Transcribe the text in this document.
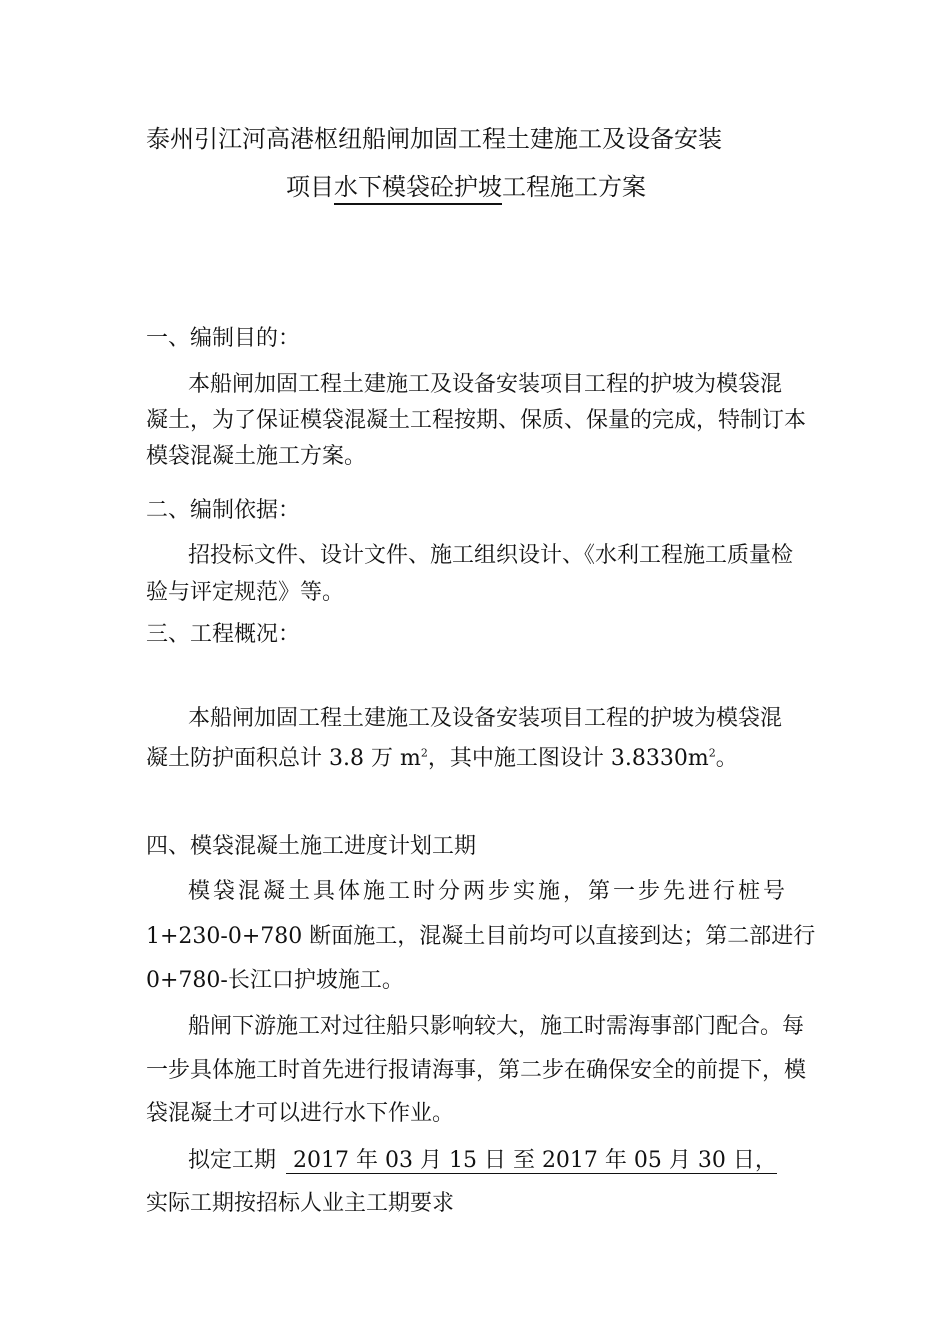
泰州引江河高港枢纽船闸加固工程土建施工及设备安装
项目水下模袋砼护坡工程施工方案
一、编制目的：
本船闸加固工程土建施工及设备安装项目工程的护坡为模袋混
凝土，为了保证模袋混凝土工程按期、保质、保量的完成，特制订本
模袋混凝土施工方案。
二、编制依据：
招投标文件、设计文件、施工组织设计、《水利工程施工质量检
验与评定规范》等。
三、工程概况：
本船闸加固工程土建施工及设备安装项目工程的护坡为模袋混
凝土防护面积总计 3.8 万 $m^2$，其中施工图设计 $3.8330m^2$。
四、模袋混凝土施工进度计划工期
模袋混凝土具体施工时分两步实施，第一步先进行桩号
1+230-0+780 断面施工，混凝土目前均可以直接到达；第二部进行
0+780-长江口护坡施工。
船闸下游施工对过往船只影响较大，施工时需海事部门配合。每
一步具体施工时首先进行报请海事，第二步在确保安全的前提下，模
袋混凝土才可以进行水下作业。
拟定工期 2017 年 03 月 15 日 至 2017 年 05 月 30 日，
实际工期按招标人业主工期要求
